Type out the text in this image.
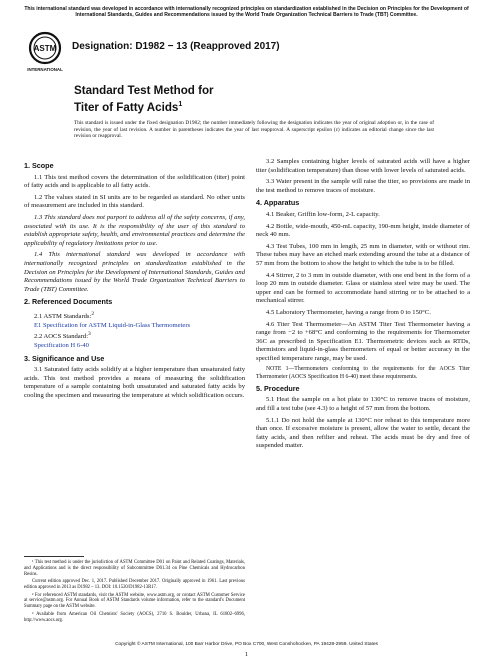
This international standard was developed in accordance with internationally recognized principles on standardization established in the Decision on Principles for the Development of International Standards, Guides and Recommendations issued by the World Trade Organization Technical Barriers to Trade (TBT) Committee.
ASTM
INTERNATIONAL
Designation: D1982 − 13 (Reapproved 2017)
Standard Test Method for
Titer of Fatty Acids$^1$
This standard is issued under the fixed designation D1982; the number immediately following the designation indicates the year of original adoption or, in the case of revision, the year of last revision. A number in parentheses indicates the year of last reapproval. A superscript epsilon (ε) indicates an editorial change since the last revision or reapproval.
1. Scope

1.1 This test method covers the determination of the solidification (titer) point of fatty acids and is applicable to all fatty acids.

1.2 The values stated in SI units are to be regarded as standard. No other units of measurement are included in this standard.

1.3 This standard does not purport to address all of the safety concerns, if any, associated with its use. It is the responsibility of the user of this standard to establish appropriate safety, health, and environmental practices and determine the applicability of regulatory limitations prior to use.

1.4 This international standard was developed in accordance with internationally recognized principles on standardization established in the Decision on Principles for the Development of International Standards, Guides and Recommendations issued by the World Trade Organization Technical Barriers to Trade (TBT) Committee.

2. Referenced Documents

2.1 ASTM Standards:$^2$

E1 Specification for ASTM Liquid-in-Glass Thermometers

2.2 AOCS Standard:$^3$

Specification H 6-40

3. Significance and Use

3.1 Saturated fatty acids solidify at a higher temperature than unsaturated fatty acids. This test method provides a means of measuring the solidification temperature of a sample containing both unsaturated and saturated fatty acids by cooling the specimen and measuring the temperature at which solidification occurs.

¹ This test method is under the jurisdiction of ASTM Committee D01 on Paint and Related Coatings, Materials, and Applications and is the direct responsibility of Subcommittee D01.34 on Pine Chemicals and Hydrocarbon Resins.

Current edition approved Dec. 1, 2017. Published December 2017. Originally approved in 1961. Last previous edition approved in 2013 as D1982 – 13. DOI: 10.1520/D1982-13R17.

² For referenced ASTM standards, visit the ASTM website, www.astm.org, or contact ASTM Customer Service at service@astm.org. For Annual Book of ASTM Standards volume information, refer to the standard's Document Summary page on the ASTM website.

³ Available from American Oil Chemists' Society (AOCS), 2710 S. Boulder, Urbana, IL 61802–6996, http://www.aocs.org.

3.2 Samples containing higher levels of saturated acids will have a higher titer (solidification temperature) than those with lower levels of saturated acids.

3.3 Water present in the sample will raise the titer, so provisions are made in the test method to remove traces of moisture.

4. Apparatus

4.1 Beaker, Griffin low-form, 2-L capacity.

4.2 Bottle, wide-mouth, 450-mL capacity, 190-mm height, inside diameter of neck 40 mm.

4.3 Test Tubes, 100 mm in length, 25 mm in diameter, with or without rim. These tubes may have an etched mark extending around the tube at a distance of 57 mm from the bottom to show the height to which the tube is to be filled.

4.4 Stirrer, 2 to 3 mm in outside diameter, with one end bent in the form of a loop 20 mm in outside diameter. Glass or stainless steel wire may be used. The upper end can be formed to accommodate hand stirring or to be attached to a mechanical stirrer.

4.5 Laboratory Thermometer, having a range from 0 to 150°C.

4.6 Titer Test Thermometer—An ASTM Titer Test Thermometer having a range from −2 to +68°C and conforming to the requirements for Thermometer 36C as prescribed in Specification E1. Thermometric devices such as RTDs, thermistors and liquid-in-glass thermometers of equal or better accuracy in the specified temperature range, may be used.

NOTE 1—Thermometers conforming to the requirements for the AOCS Titer Thermometer (AOCS Specification H 6-40) meet these requirements.

5. Procedure

5.1 Heat the sample on a hot plate to 130°C to remove traces of moisture, and fill a test tube (see 4.3) to a height of 57 mm from the bottom.

5.1.1 Do not hold the sample at 130°C nor reheat to this temperature more than once. If excessive moisture is present, allow the water to settle, decant the fatty acids, and then refilter and reheat. The acids must be dry and free of suspended matter.

Copyright © ASTM International, 100 Barr Harbor Drive, PO Box C700, West Conshohocken, PA 19428-2959. United States
1
